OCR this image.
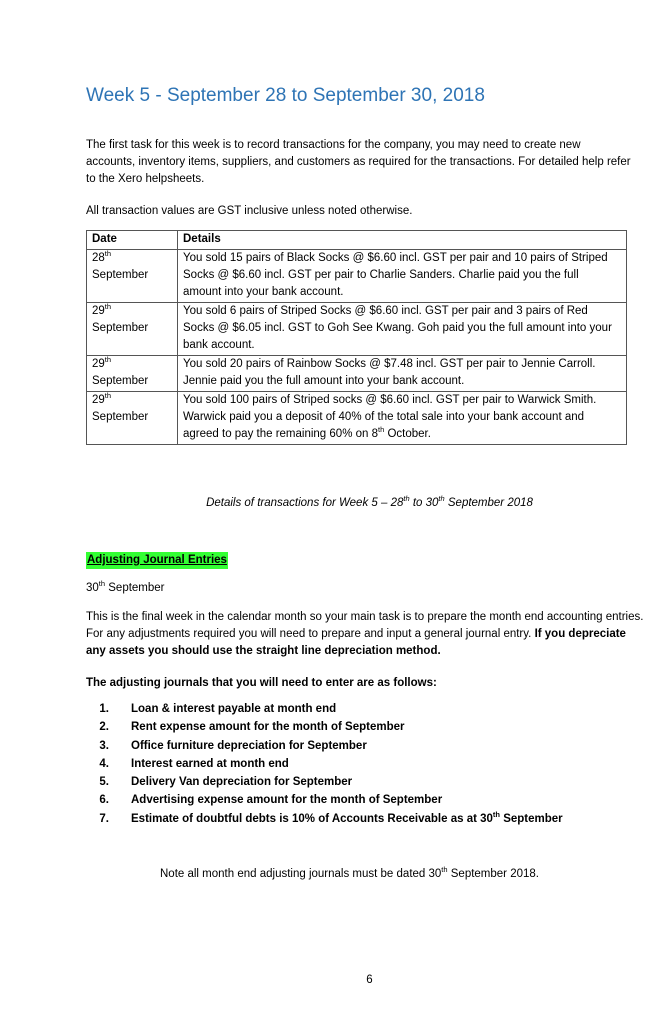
Week 5 - September 28 to September 30, 2018

The first task for this week is to record transactions for the company, you may need to create new accounts, inventory items, suppliers, and customers as required for the transactions. For detailed help refer to the Xero helpsheets.

All transaction values are GST inclusive unless noted otherwise.

Date	Details
28th
September	You sold 15 pairs of Black Socks @ $6.60 incl. GST per pair and 10 pairs of Striped Socks @ $6.60 incl. GST per pair to Charlie Sanders. Charlie paid you the full amount into your bank account.
29th
September	You sold 6 pairs of Striped Socks @ $6.60 incl. GST per pair and 3 pairs of Red Socks @ $6.05 incl. GST to Goh See Kwang. Goh paid you the full amount into your bank account.
29th
September	You sold 20 pairs of Rainbow Socks @ $7.48 incl. GST per pair to Jennie Carroll. Jennie paid you the full amount into your bank account.
29th
September	You sold 100 pairs of Striped socks @ $6.60 incl. GST per pair to Warwick Smith. Warwick paid you a deposit of 40% of the total sale into your bank account and agreed to pay the remaining 60% on 8th October.

Details of transactions for Week 5 – 28th to 30th September 2018

Adjusting Journal Entries

30th September

This is the final week in the calendar month so your main task is to prepare the month end accounting entries. For any adjustments required you will need to prepare and input a general journal entry. If you depreciate any assets you should use the straight line depreciation method.

The adjusting journals that you will need to enter are as follows:

1. Loan & interest payable at month end
2. Rent expense amount for the month of September
3. Office furniture depreciation for September
4. Interest earned at month end
5. Delivery Van depreciation for September
6. Advertising expense amount for the month of September
7. Estimate of doubtful debts is 10% of Accounts Receivable as at 30th September

Note all month end adjusting journals must be dated 30th September 2018.

6
